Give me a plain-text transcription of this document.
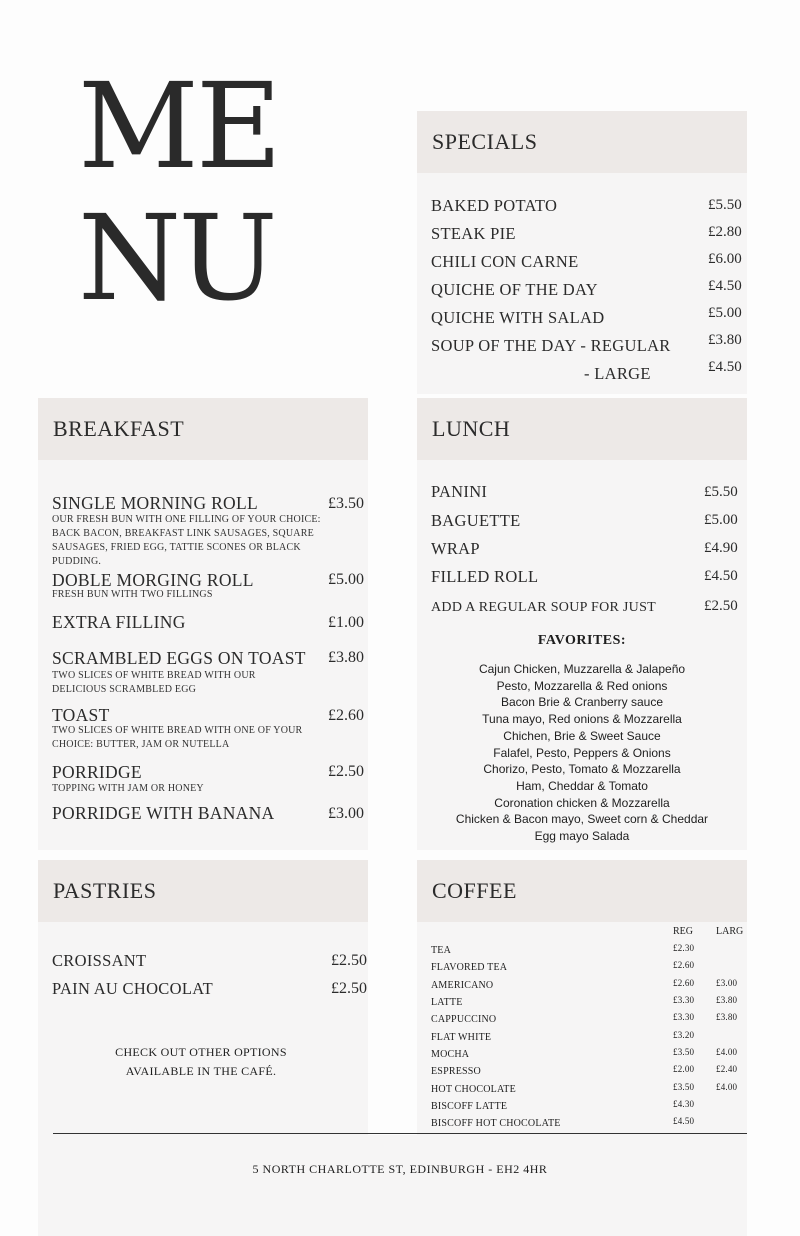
ME
NU
SPECIALS
BAKED POTATO	£5.50
STEAK PIE	£2.80
CHILI CON CARNE	£6.00
QUICHE OF THE DAY	£4.50
QUICHE WITH SALAD	£5.00
SOUP OF THE DAY - REGULAR £3.80
- LARGE	£4.50
BREAKFAST
SINGLE MORNING ROLL	£3.50
OUR FRESH BUN WITH ONE FILLING OF YOUR CHOICE: BACK BACON, BREAKFAST LINK SAUSAGES, SQUARE SAUSAGES, FRIED EGG, TATTIE SCONES OR BLACK PUDDING.
DOBLE MORGING ROLL	£5.00
FRESH BUN WITH TWO FILLINGS
EXTRA FILLING	£1.00
SCRAMBLED EGGS ON TOAST £3.80
TWO SLICES OF WHITE BREAD WITH OUR DELICIOUS SCRAMBLED EGG
TOAST	£2.60
TWO SLICES OF WHITE BREAD WITH ONE OF YOUR CHOICE: BUTTER, JAM OR NUTELLA
PORRIDGE	£2.50
TOPPING WITH JAM OR HONEY
PORRIDGE WITH BANANA	£3.00
LUNCH
PANINI	£5.50
BAGUETTE	£5.00
WRAP	£4.90
FILLED ROLL	£4.50
ADD A REGULAR SOUP FOR JUST	£2.50
FAVORITES:
Cajun Chicken, Muzzarella & Jalapeño
Pesto, Mozzarella & Red onions
Bacon Brie & Cranberry sauce
Tuna mayo, Red onions & Mozzarella
Chichen, Brie & Sweet Sauce
Falafel, Pesto, Peppers & Onions
Chorizo, Pesto, Tomato & Mozzarella
Ham, Cheddar & Tomato
Coronation chicken & Mozzarella
Chicken & Bacon mayo, Sweet corn & Cheddar
Egg mayo Salada
PASTRIES
CROISSANT	£2.50
PAIN AU CHOCOLAT	£2.50
CHECK OUT OTHER OPTIONS
AVAILABLE IN THE CAFÉ.
COFFEE
REG LARG
TEA	£2.30
FLAVORED TEA	£2.60
AMERICANO	£2.60 £3.00
LATTE	£3.30 £3.80
CAPPUCCINO	£3.30 £3.80
FLAT WHITE	£3.20
MOCHA	£3.50 £4.00
ESPRESSO	£2.00 £2.40
HOT CHOCOLATE	£3.50 £4.00
BISCOFF LATTE	£4.30
BISCOFF HOT CHOCOLATE	£4.50
5 NORTH CHARLOTTE ST, EDINBURGH - EH2 4HR
